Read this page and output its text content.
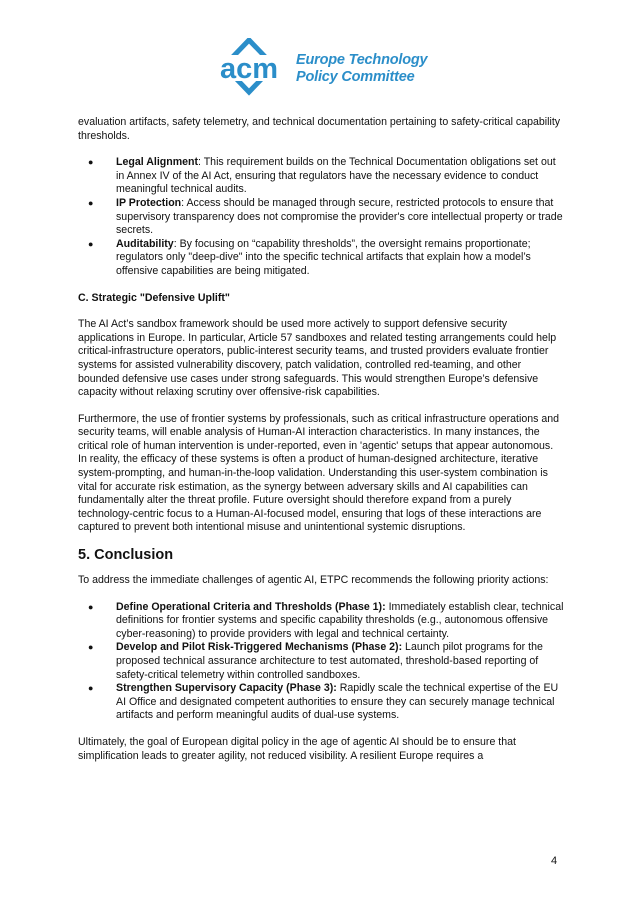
acm Europe Technology
Policy Committee

evaluation artifacts, safety telemetry, and technical documentation pertaining to safety-critical capability thresholds.

● Legal Alignment: This requirement builds on the Technical Documentation obligations set out in Annex IV of the AI Act, ensuring that regulators have the necessary evidence to conduct meaningful technical audits.
● IP Protection: Access should be managed through secure, restricted protocols to ensure that supervisory transparency does not compromise the provider's core intellectual property or trade secrets.
● Auditability: By focusing on “capability thresholds”, the oversight remains proportionate; regulators only "deep-dive" into the specific technical artifacts that explain how a model’s offensive capabilities are being mitigated.
C. Strategic "Defensive Uplift"

The AI Act’s sandbox framework should be used more actively to support defensive security applications in Europe. In particular, Article 57 sandboxes and related testing arrangements could help critical-infrastructure operators, public-interest security teams, and trusted providers evaluate frontier systems for assisted vulnerability discovery, patch validation, controlled red-teaming, and other bounded defensive use cases under strong safeguards. This would strengthen Europe’s defensive capacity without relaxing scrutiny over offensive-risk capabilities.

Furthermore, the use of frontier systems by professionals, such as critical infrastructure operations and security teams, will enable analysis of Human-AI interaction characteristics. In many instances, the critical role of human intervention is under-reported, even in 'agentic' setups that appear autonomous. In reality, the efficacy of these systems is often a product of human-designed architecture, iterative system-prompting, and human-in-the-loop validation. Understanding this user-system combination is vital for accurate risk estimation, as the synergy between adversary skills and AI capabilities can fundamentally alter the threat profile. Future oversight should therefore expand from a purely technology-centric focus to a Human-AI-focused model, ensuring that logs of these interactions are captured to prevent both intentional misuse and unintentional systemic disruptions.

5. Conclusion

To address the immediate challenges of agentic AI, ETPC recommends the following priority actions:

● Define Operational Criteria and Thresholds (Phase 1): Immediately establish clear, technical definitions for frontier systems and specific capability thresholds (e.g., autonomous offensive cyber-reasoning) to provide providers with legal and technical certainty.
● Develop and Pilot Risk-Triggered Mechanisms (Phase 2): Launch pilot programs for the proposed technical assurance architecture to test automated, threshold-based reporting of safety-critical telemetry within controlled sandboxes.
● Strengthen Supervisory Capacity (Phase 3): Rapidly scale the technical expertise of the EU AI Office and designated competent authorities to ensure they can securely manage technical artifacts and perform meaningful audits of dual-use systems.

Ultimately, the goal of European digital policy in the age of agentic AI should be to ensure that simplification leads to greater agility, not reduced visibility. A resilient Europe requires a

4
